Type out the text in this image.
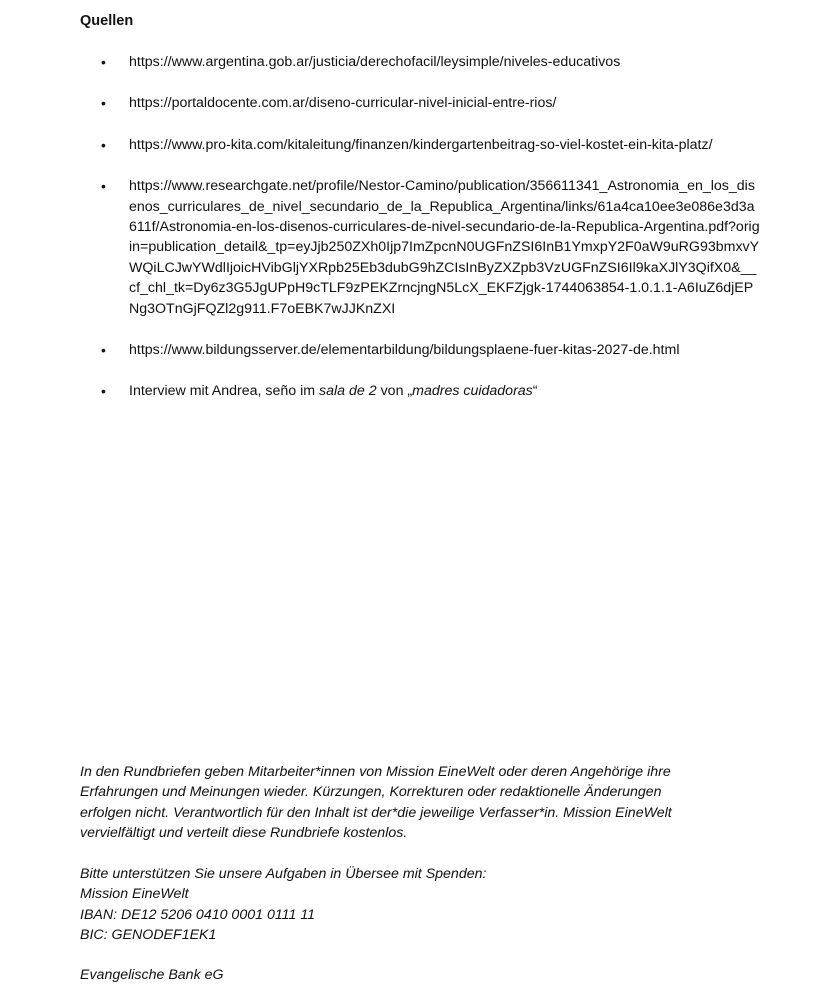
Quellen
• https://www.argentina.gob.ar/justicia/derechofacil/leysimple/niveles-educativos
• https://portaldocente.com.ar/diseno-curricular-nivel-inicial-entre-rios/
• https://www.pro-kita.com/kitaleitung/finanzen/kindergartenbeitrag-so-viel-kostet-ein-kita-platz/
• https://www.researchgate.net/profile/Nestor-Camino/publication/356611341_Astronomia_en_los_disenos_curriculares_de_nivel_secundario_de_la_Republica_Argentina/links/61a4ca10ee3e086e3d3a611f/Astronomia-en-los-disenos-curriculares-de-nivel-secundario-de-la-Republica-Argentina.pdf?origin=publication_detail&_tp=eyJjb250ZXh0Ijp7ImZpcnN0UGFnZSI6InB1YmxpY2F0aW9uRG93bmxvYWQiLCJwYWdlIjoicHVibGljYXRpb25Eb3dubG9hZCIsInByZXZpb3VzUGFnZSI6Il9kaXJlY3QifX0&__cf_chl_tk=Dy6z3G5JgUPpH9cTLF9zPEKZrncjngN5LcX_EKFZjgk-1744063854-1.0.1.1-A6IuZ6djEPNg3OTnGjFQZl2g911.F7oEBK7wJJKnZXI
• https://www.bildungsserver.de/elementarbildung/bildungsplaene-fuer-kitas-2027-de.html
• Interview mit Andrea, seño im sala de 2 von „madres cuidadoras“
In den Rundbriefen geben Mitarbeiter*innen von Mission EineWelt oder deren Angehörige ihre
Erfahrungen und Meinungen wieder. Kürzungen, Korrekturen oder redaktionelle Änderungen
erfolgen nicht. Verantwortlich für den Inhalt ist der*die jeweilige Verfasser*in. Mission EineWelt
vervielfältigt und verteilt diese Rundbriefe kostenlos.
Bitte unterstützen Sie unsere Aufgaben in Übersee mit Spenden:
Mission EineWelt
IBAN: DE12 5206 0410 0001 0111 11
BIC: GENODEF1EK1
Evangelische Bank eG
